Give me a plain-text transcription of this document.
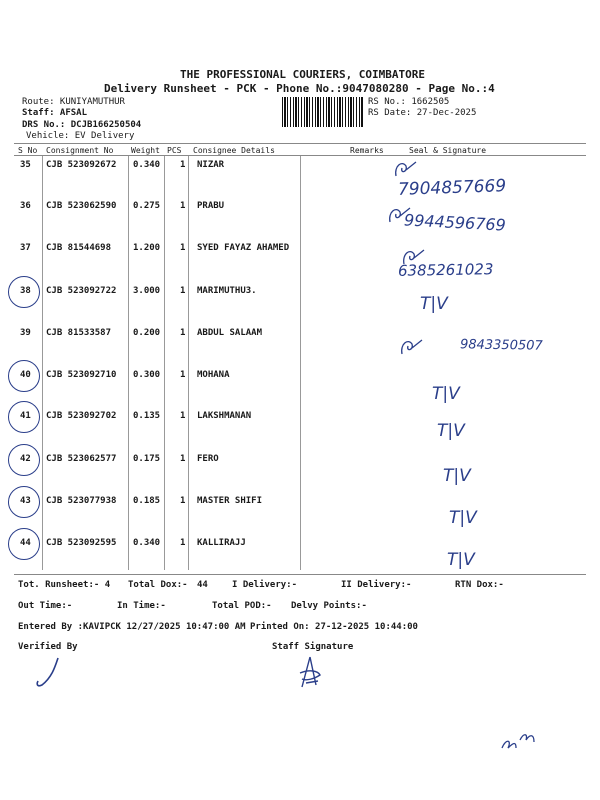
THE PROFESSIONAL COURIERS, COIMBATORE
Delivery Runsheet - PCK - Phone No.:9047080280 - Page No.:4
Route: KUNIYAMUTHUR
Staff: AFSAL
DRS No.: DCJB166250504
Vehicle: EV Delivery
RS No.: 1662505
RS Date: 27-Dec-2025
S No Consignment No Weight PCS Consignee Details	Remarks	Seal & Signature
35 CJB 523092672 0.340 1 NIZAR
7904857669
36 CJB 523062590 0.275 1 PRABU
9944596769
37 CJB 81544698 1.200 1 SYED FAYAZ AHAMED
6385261023
38 CJB 523092722 3.000 1 MARIMUTHU3.
T|V
39 CJB 81533587 0.200 1 ABDUL SALAAM
9843350507
40 CJB 523092710 0.300 1 MOHANA
T|V
41 CJB 523092702 0.135 1 LAKSHMANAN
T|V
42 CJB 523062577 0.175 1 FERO
T|V
43 CJB 523077938 0.185 1 MASTER SHIFI
T|V
44 CJB 523092595 0.340 1 KALLIRAJJ
T|V
Tot. Runsheet:- 4 Total Dox:- 44	I Delivery:-	II Delivery:-	RTN Dox:-
Out Time:-	In Time:-	Total POD:- Delvy Points:-
Entered By :KAVIPCK 12/27/2025 10:47:00 AM Printed On: 27-12-2025 10:44:00
Verified By	Staff Signature
